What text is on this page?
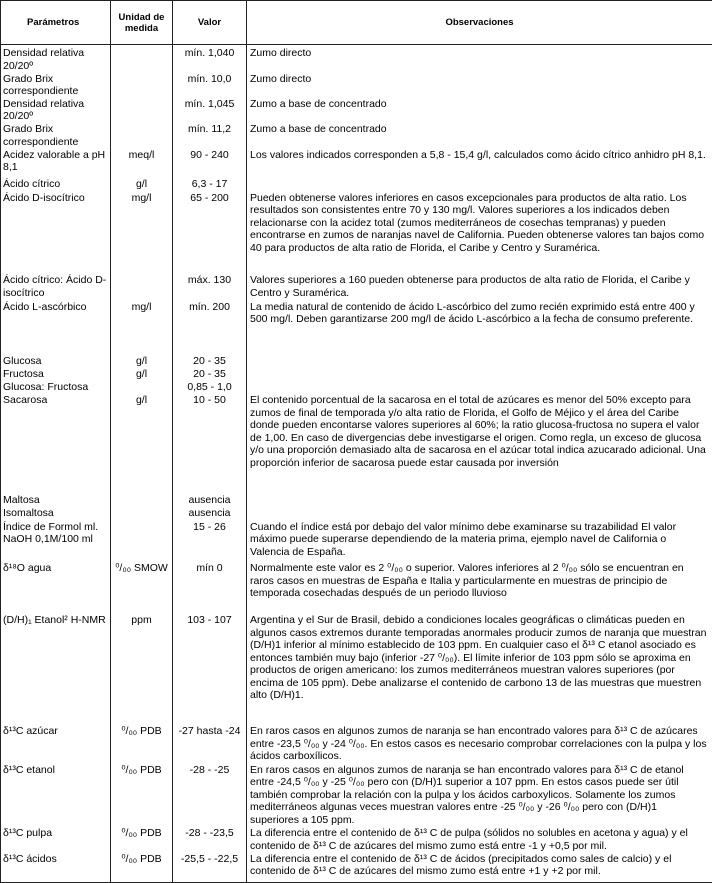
Parámetros	Unidad de medida	Valor	Observaciones
Densidad relativa 20/20º		mín. 1,040	Zumo directo
Grado Brix correspondiente		mín. 10,0	Zumo directo
Densidad relativa 20/20º		mín. 1,045	Zumo a base de concentrado
Grado Brix correspondiente		mín. 11,2	Zumo a base de concentrado
Acidez valorable a pH 8,1	meq/l	90 - 240	Los valores indicados corresponden a 5,8 - 15,4 g/l, calculados como ácido cítrico anhidro pH 8,1.
Ácido cítrico	g/l	6,3 - 17	
Ácido D-isocítrico	mg/l	65 - 200	Pueden obtenerse valores inferiores en casos excepcionales para productos de alta ratio. Los resultados son consistentes entre 70 y 130 mg/l. Valores superiores a los indicados deben relacionarse con la acidez total (zumos mediterráneos de cosechas tempranas) y pueden encontrarse en zumos de naranjas navel de California. Pueden obtenerse valores tan bajos como 40 para productos de alta ratio de Florida, el Caribe y Centro y Suramérica.
Ácido cítrico: Ácido D-isocítrico		máx. 130	Valores superiores a 160 pueden obtenerse para productos de alta ratio de Florida, el Caribe y Centro y Suramérica.
Ácido L-ascórbico	mg/l	mín. 200	La media natural de contenido de ácido L-ascórbico del zumo recién exprimido está entre 400 y 500 mg/l. Deben garantizarse 200 mg/l de ácido L-ascórbico a la fecha de consumo preferente.
Glucosa	g/l	20 - 35	
Fructosa	g/l	20 - 35	
Glucosa: Fructosa		0,85 - 1,0	
Sacarosa	g/l	10 - 50	El contenido porcentual de la sacarosa en el total de azúcares es menor del 50% excepto para zumos de final de temporada y/o alta ratio de Florida, el Golfo de Méjico y el área del Caribe donde pueden encontarse valores superiores al 60%; la ratio glucosa-fructosa no supera el valor de 1,00. En caso de divergencias debe investigarse el origen. Como regla, un exceso de glucosa y/o una proporción demasiado alta de sacarosa en el azúcar total indica azucarado adicional. Una proporción inferior de sacarosa puede estar causada por inversión
Maltosa		ausencia	
Isomaltosa		ausencia	
Índice de Formol ml. NaOH 0,1M/100 ml		15 - 26	Cuando el índice está por debajo del valor mínimo debe examinarse su trazabilidad El valor máximo puede superarse dependiendo de la materia prima, ejemplo navel de California o Valencia de España.
δ¹⁸O agua	⁰/₀₀ SMOW	mín 0	Normalmente este valor es 2 ⁰/₀₀ o superior. Valores inferiores al 2 ⁰/₀₀ sólo se encuentran en raros casos en muestras de España e Italia y particularmente en muestras de principio de temporada cosechadas después de un periodo lluvioso
(D/H)₁ Etanol² H-NMR	ppm	103 - 107	Argentina y el Sur de Brasil, debido a condiciones locales geográficas o climáticas pueden en algunos casos extremos durante temporadas anormales producir zumos de naranja que muestran (D/H)1 inferior al mínimo establecido de 103 ppm. En cualquier caso el δ¹³ C etanol asociado es entonces también muy bajo (inferior -27 ⁰/₀₀). El límite inferior de 103 ppm sólo se aproxima en productos de origen americano: los zumos mediterráneos muestran valores superiores (por encima de 105 ppm). Debe analizarse el contenido de carbono 13 de las muestras que muestren alto (D/H)1.
δ¹³C azúcar	⁰/₀₀ PDB	-27 hasta -24	En raros casos en algunos zumos de naranja se han encontrado valores para δ¹³ C de azúcares entre -23,5 ⁰/₀₀ y -24 ⁰/₀₀. En estos casos es necesario comprobar correlaciones con la pulpa y los ácidos carboxílicos.
δ¹³C etanol	⁰/₀₀ PDB	-28 - -25	En raros casos en algunos zumos de naranja se han encontrado valores para δ¹³ C de etanol entre -24,5 ⁰/₀₀ y -25 ⁰/₀₀ pero con (D/H)1 superior a 107 ppm. En estos casos puede ser útil también comprobar la relación con la pulpa y los ácidos carboxylicos. Solamente los zumos mediterráneos algunas veces muestran valores entre -25 ⁰/₀₀ y -26 ⁰/₀₀ pero con (D/H)1 superiores a 105 ppm.
δ¹³C pulpa	⁰/₀₀ PDB	-28 - -23,5	La diferencia entre el contenido de δ¹³ C de pulpa (sólidos no solubles en acetona y agua) y el contenido de δ¹³ C de azúcares del mismo zumo está entre -1 y +0,5 por mil.
δ¹³C ácidos	⁰/₀₀ PDB	-25,5 - -22,5	La diferencia entre el contenido de δ¹³ C de ácidos (precipitados como sales de calcio) y el contenido de δ¹³ C de azúcares del mismo zumo está entre +1 y +2 por mil.
